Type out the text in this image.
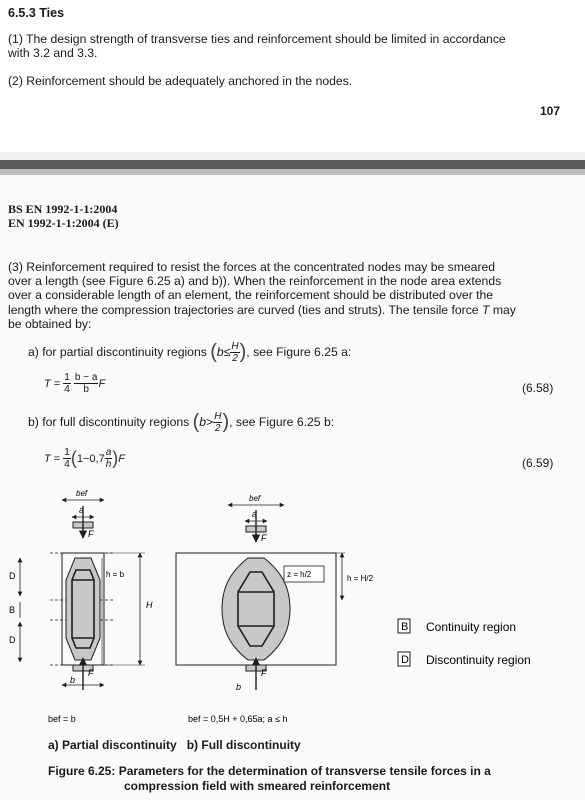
6.5.3 Ties
(1) The design strength of transverse ties and reinforcement should be limited in accordance
with 3.2 and 3.3.
(2) Reinforcement should be adequately anchored in the nodes.
107
BS EN 1992-1-1:2004
EN 1992-1-1:2004 (E)
(3) Reinforcement required to resist the forces at the concentrated nodes may be smeared
over a length (see Figure 6.25 a) and b)). When the reinforcement in the node area extends
over a considerable length of an element, the reinforcement should be distributed over the
length where the compression trajectories are curved (ties and struts). The tensile force T may
be obtained by:
a) for partial discontinuity regions
( $b \le \frac{H}{2}$ ) , see Figure 6.25 a:
T
=
$\frac{1}{4}$
$\frac{b - a}{b}$ F	(6.58)
b) for full discontinuity regions
( $b > \frac{H}{2}$ ) , see Figure 6.25 b:
T
=
$\frac{1}{4}$ ( $1-0,7 \frac{a}{h}$ ) F	(6.59)
bef
a
F
F
b
h = b
H
D
B
D
bef
a
F
F
b
z = h/2	h = H/2
B Continuity region
D Discontinuity region
bef = b	bef = 0,5H + 0,65a; a ≤ h
a) Partial discontinuity b) Full discontinuity
Figure 6.25: Parameters for the determination of transverse tensile forces in a
compression field with smeared reinforcement
